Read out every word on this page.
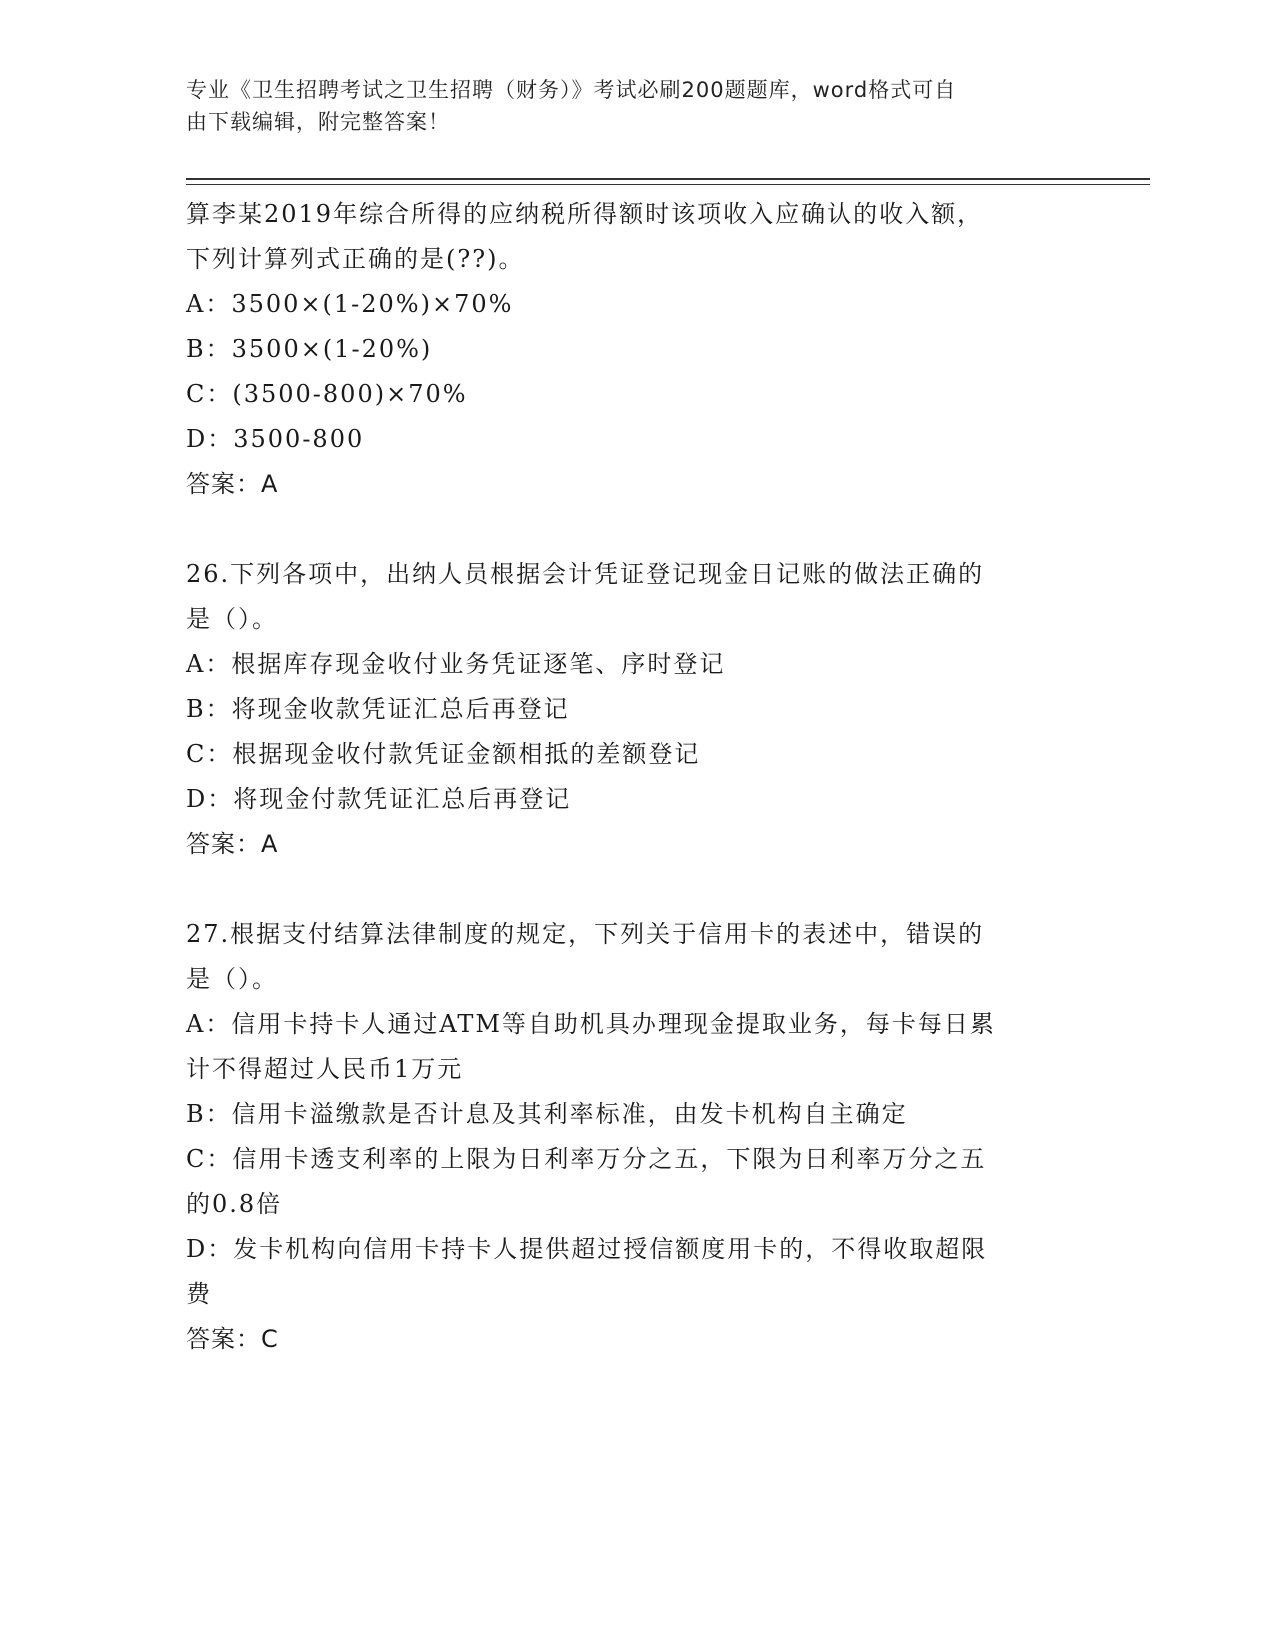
专业《卫生招聘考试之卫生招聘（财务）》考试必刷200题题库，word格式可自
由下载编辑，附完整答案！
算李某2019年综合所得的应纳税所得额时该项收入应确认的收入额，
下列计算列式正确的是(??)。
A：3500×(1-20%)×70%
B：3500×(1-20%)
C：(3500-800)×70%
D：3500-800
答案：A
26.下列各项中，出纳人员根据会计凭证登记现金日记账的做法正确的
是（）。
A：根据库存现金收付业务凭证逐笔、序时登记
B：将现金收款凭证汇总后再登记
C：根据现金收付款凭证金额相抵的差额登记
D：将现金付款凭证汇总后再登记
答案：A
27.根据支付结算法律制度的规定，下列关于信用卡的表述中，错误的
是（）。
A：信用卡持卡人通过ATM等自助机具办理现金提取业务，每卡每日累
计不得超过人民币1万元
B：信用卡溢缴款是否计息及其利率标准，由发卡机构自主确定
C：信用卡透支利率的上限为日利率万分之五，下限为日利率万分之五
的0.8倍
D：发卡机构向信用卡持卡人提供超过授信额度用卡的，不得收取超限
费
答案：C
